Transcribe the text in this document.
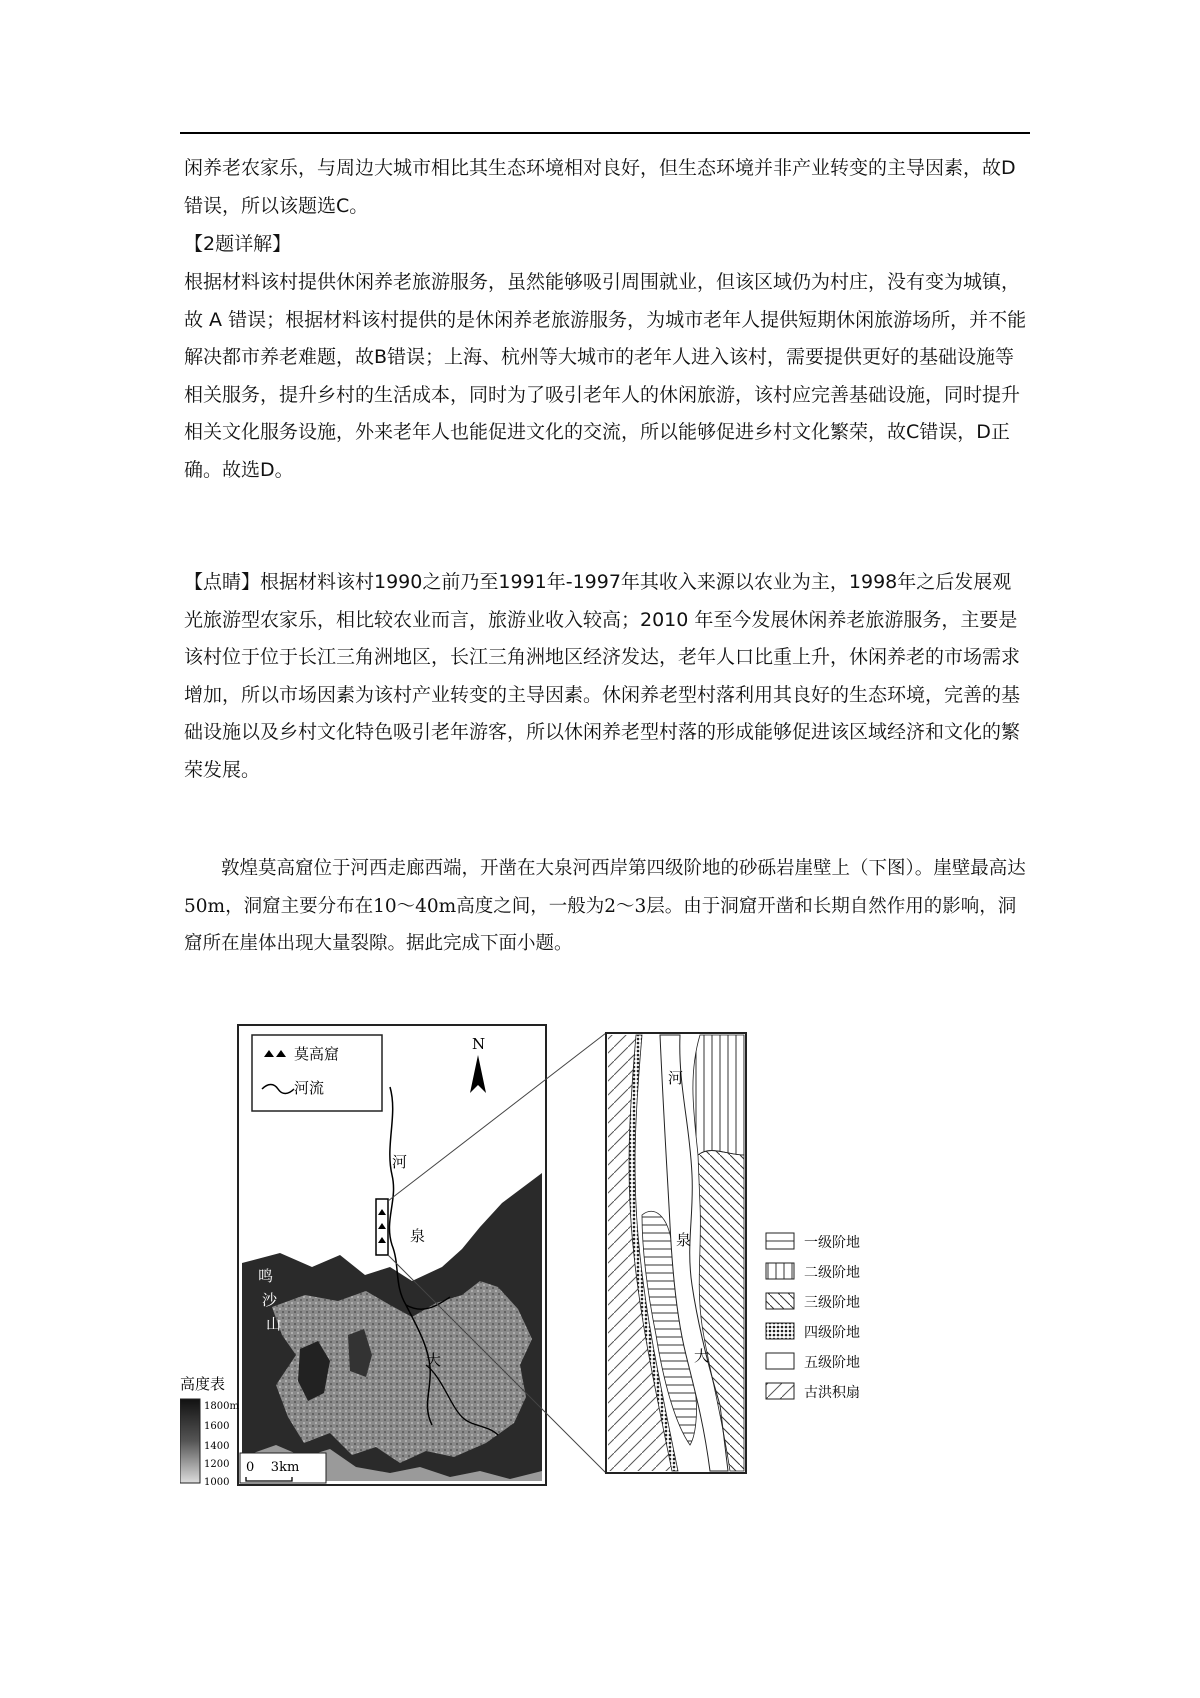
闲养老农家乐，与周边大城市相比其生态环境相对良好，但生态环境并非产业转变的主导因素，故D错误，所以该题选C。

【2题详解】

根据材料该村提供休闲养老旅游服务，虽然能够吸引周围就业，但该区域仍为村庄，没有变为城镇，故 A 错误；根据材料该村提供的是休闲养老旅游服务，为城市老年人提供短期休闲旅游场所，并不能解决都市养老难题，故B错误；上海、杭州等大城市的老年人进入该村，需要提供更好的基础设施等相关服务，提升乡村的生活成本，同时为了吸引老年人的休闲旅游，该村应完善基础设施，同时提升相关文化服务设施，外来老年人也能促进文化的交流，所以能够促进乡村文化繁荣，故C错误，D正确。故选D。

【点睛】根据材料该村1990之前乃至1991年-1997年其收入来源以农业为主，1998年之后发展观光旅游型农家乐，相比较农业而言，旅游业收入较高；2010 年至今发展休闲养老旅游服务，主要是该村位于位于长江三角洲地区，长江三角洲地区经济发达，老年人口比重上升，休闲养老的市场需求增加，所以市场因素为该村产业转变的主导因素。休闲养老型村落利用其良好的生态环境，完善的基础设施以及乡村文化特色吸引老年游客，所以休闲养老型村落的形成能够促进该区域经济和文化的繁荣发展。

敦煌莫高窟位于河西走廊西端，开凿在大泉河西岸第四级阶地的砂砾岩崖壁上（下图）。崖壁最高达50m，洞窟主要分布在10～40m高度之间，一般为2～3层。由于洞窟开凿和长期自然作用的影响，洞窟所在崖体出现大量裂隙。据此完成下面小题。

莫高窟
河流
N
河
泉
大
鸣
沙
山
高度表
1800m
1600
1400
1200
1000
0    3km
河
泉
大
一级阶地
二级阶地
三级阶地
四级阶地
五级阶地
古洪积扇
